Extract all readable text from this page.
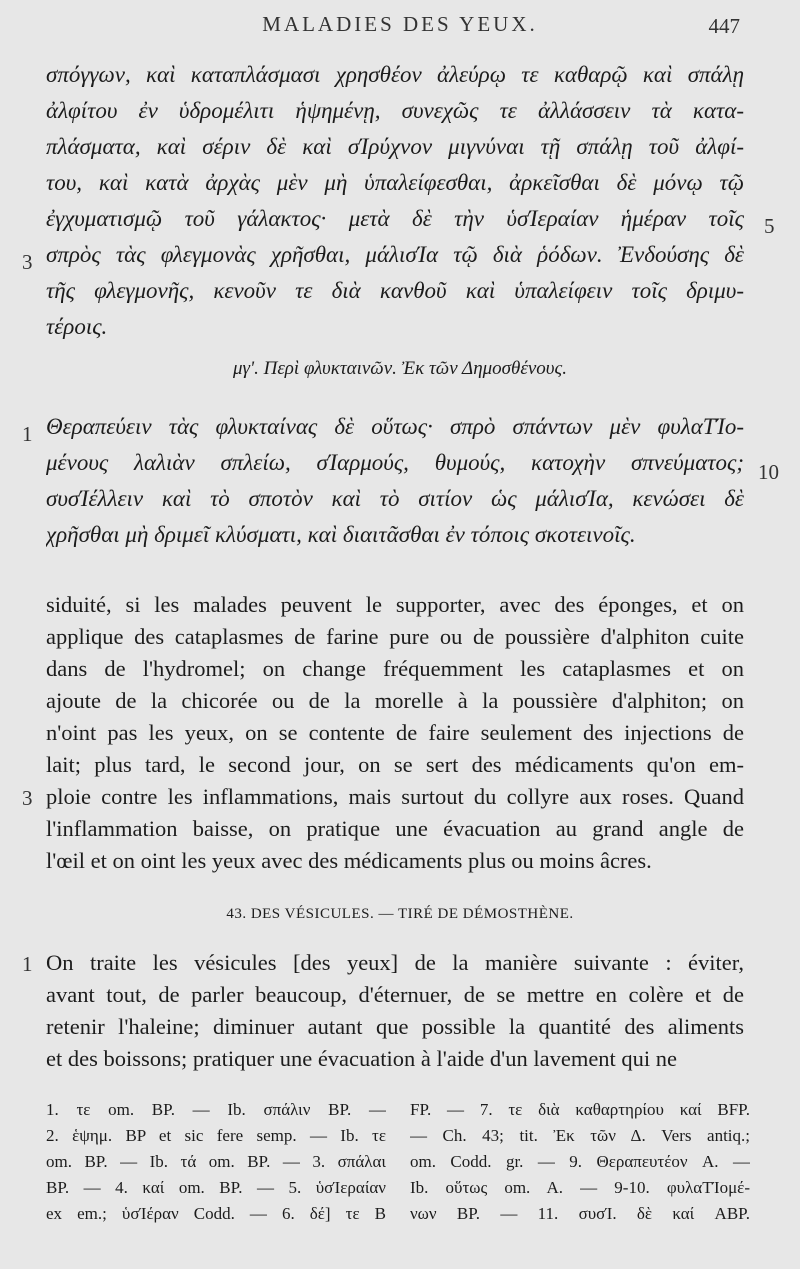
MALADIES DES YEUX.	447
σπόγγων, καὶ καταπλάσμασι χρησθέον ἀλεύρῳ τε καθαρῷ καὶ σπάλῃ
ἀλφίτου ἐν ὑδρομέλιτι ἡψημένῃ, συνεχῶς τε ἀλλάσσειν τὰ κατα-
πλάσματα, καὶ σέριν δὲ καὶ σΊρύχνον μιγνύναι τῇ σπάλῃ τοῦ ἀλφί-
του, καὶ κατὰ ἀρχὰς μὲν μὴ ὑπαλείφεσθαι, ἀρκεῖσθαι δὲ μόνῳ τῷ
ἐγχυματισμῷ τοῦ γάλακτος· μετὰ δὲ τὴν ὑσΊεραίαν ἡμέραν τοῖς
σπρὸς τὰς φλεγμονὰς χρῆσθαι, μάλισΊα τῷ διὰ ῥόδων. Ἐνδούσης δὲ
τῆς φλεγμονῆς, κενοῦν τε διὰ κανθοῦ καὶ ὑπαλείφειν τοῖς δριμυ-
τέροις.
5
3
μγʹ. Περὶ φλυκταινῶν. Ἐκ τῶν Δημοσθένους.
1 Θεραπεύειν τὰς φλυκταίνας δὲ οὕτως· σπρὸ σπάντων μὲν φυλαΤΊο-
μένους λαλιὰν σπλείω, σΊαρμούς, θυμούς, κατοχὴν σπνεύματος;
συσΊέλλειν καὶ τὸ σποτὸν καὶ τὸ σιτίον ὡς μάλισΊα, κενώσει δὲ
χρῆσθαι μὴ δριμεῖ κλύσματι, καὶ διαιτᾶσθαι ἐν τόποις σκοτεινοῖς.
10
siduité, si les malades peuvent le supporter, avec des éponges, et on
applique des cataplasmes de farine pure ou de poussière d'alphiton cuite
dans de l'hydromel; on change fréquemment les cataplasmes et on
ajoute de la chicorée ou de la morelle à la poussière d'alphiton; on
n'oint pas les yeux, on se contente de faire seulement des injections de
lait; plus tard, le second jour, on se sert des médicaments qu'on em-
ploie contre les inflammations, mais surtout du collyre aux roses. Quand
l'inflammation baisse, on pratique une évacuation au grand angle de
l'œil et on oint les yeux avec des médicaments plus ou moins âcres.
3
43. DES VÉSICULES. — TIRÉ DE DÉMOSTHÈNE.
1 On traite les vésicules [des yeux] de la manière suivante : éviter,
avant tout, de parler beaucoup, d'éternuer, de se mettre en colère et de
retenir l'haleine; diminuer autant que possible la quantité des aliments
et des boissons; pratiquer une évacuation à l'aide d'un lavement qui ne
1. τε om. BP. — Ib. σπάλιν BP. —
2. ἑψημ. BP et sic fere semp. — Ib. τε
om. BP. — Ib. τά om. BP. — 3. σπάλαι
BP. — 4. καί om. BP. — 5. ὑσΊεραίαν
ex em.; ὑσΊέραν Codd. — 6. δέ] τε B
FP. — 7. τε διὰ καθαρτηρίου καί BFP.
— Ch. 43; tit. Ἐκ τῶν Δ. Vers antiq.;
om. Codd. gr. — 9. Θεραπευτέον A. —
Ib. οὕτως om. A. — 9-10. φυλαΤΊομέ-
νων BP. — 11. συσΊ. δὲ καί ABP.
